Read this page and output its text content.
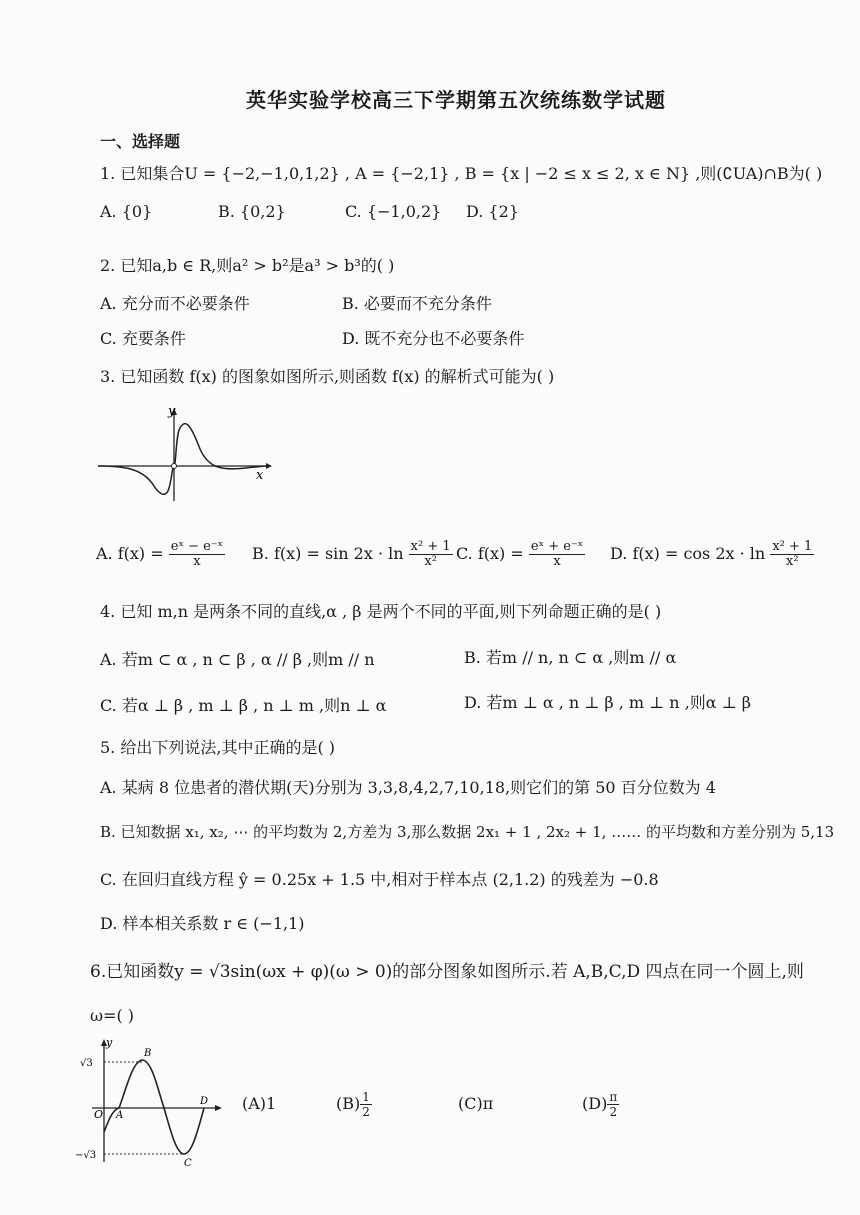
英华实验学校高三下学期第五次统练数学试题
一、选择题
1. 已知集合U = {−2,−1,0,1,2} , A = {−2,1} , B = {x | −2 ≤ x ≤ 2, x ∈ N} ,则(∁UA)∩B为( )
A. {0}	B. {0,2}	C. {−1,0,2} D. {2}
2. 已知a,b ∈ R,则a² > b²是a³ > b³的( )
A. 充分而不必要条件	B. 必要而不充分条件
C. 充要条件	D. 既不充分也不必要条件
3. 已知函数 f(x) 的图象如图所示,则函数 f(x) 的解析式可能为( )
y
x
A. $f(x) = \frac{\text{eˣ − e⁻ˣ}}{x} B$. $f(x) = \sin 2x \cdot \ln \frac{\text{x² + 1}}{\text{x²}} C$. $f(x) = \frac{\text{eˣ + e⁻ˣ}}{x} D$. $f(x) = \cos 2x \cdot \ln \frac{\text{x² + 1}}{\text{x²}}$
4. 已知 m,n 是两条不同的直线,α , β 是两个不同的平面,则下列命题正确的是( )
A. 若m ⊂ α , n ⊂ β , α // β ,则m // n	B. 若m // n, n ⊂ α ,则m // α
C. 若α ⊥ β , m ⊥ β , n ⊥ m ,则n ⊥ α	D. 若m ⊥ α , n ⊥ β , m ⊥ n ,则α ⊥ β
5. 给出下列说法,其中正确的是( )
A. 某病 8 位患者的潜伏期(天)分别为 3,3,8,4,2,7,10,18,则它们的第 50 百分位数为 4
B. 已知数据 x₁, x₂, ⋯ 的平均数为 2,方差为 3,那么数据 2x₁ + 1 , 2x₂ + 1, …… 的平均数和方差分别为 5,13
C. 在回归直线方程 ŷ = 0.25x + 1.5 中,相对于样本点 (2,1.2) 的残差为 −0.8
D. 样本相关系数 r ∈ (−1,1)
6.已知函数y = √3sin(ωx + φ)(ω > 0)的部分图象如图所示.若 A,B,C,D 四点在同一个圆上,则
ω=( )
√3
−√3
O A
B
C
D
y
(A)1	$(B) \frac{1}{2}$	(C)π	$(D) \frac{\pi}{2}$
